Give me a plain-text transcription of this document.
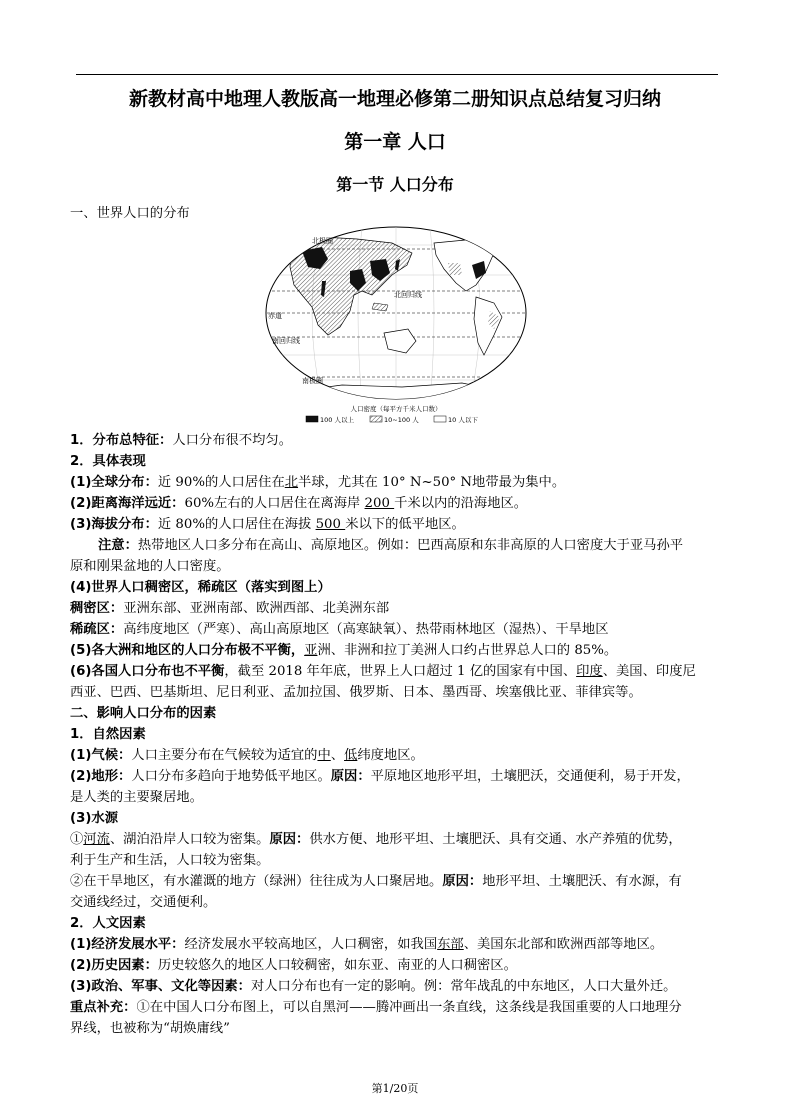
新教材高中地理人教版高一地理必修第二册知识点总结复习归纳
第一章 人口
第一节 人口分布
一、世界人口的分布
北极圈
北回归线
赤道
南回归线
南极圈
人口密度（每平方千米人口数）
100 人以上	10~100 人	10 人以下
1．分布总特征：人口分布很不均匀。
2．具体表现
(1)全球分布：近 90%的人口居住在北半球，尤其在 10° N~50° N地带最为集中。
(2)距离海洋远近：60%左右的人口居住在离海岸 200 千米以内的沿海地区。
(3)海拔分布：近 80%的人口居住在海拔 500 米以下的低平地区。
注意：热带地区人口多分布在高山、高原地区。例如：巴西高原和东非高原的人口密度大于亚马孙平
原和刚果盆地的人口密度。
(4)世界人口稠密区，稀疏区（落实到图上）
稠密区：亚洲东部、亚洲南部、欧洲西部、北美洲东部
稀疏区：高纬度地区（严寒）、高山高原地区（高寒缺氧）、热带雨林地区（湿热）、干旱地区
(5)各大洲和地区的人口分布极不平衡，亚洲、非洲和拉丁美洲人口约占世界总人口的 85%。
(6)各国人口分布也不平衡，截至 2018 年年底，世界上人口超过 1 亿的国家有中国、印度、美国、印度尼
西亚、巴西、巴基斯坦、尼日利亚、孟加拉国、俄罗斯、日本、墨西哥、埃塞俄比亚、菲律宾等。
二、影响人口分布的因素
1．自然因素
(1)气候：人口主要分布在气候较为适宜的中、低纬度地区。
(2)地形：人口分布多趋向于地势低平地区。原因：平原地区地形平坦，土壤肥沃，交通便利，易于开发，
是人类的主要聚居地。
(3)水源
①河流、湖泊沿岸人口较为密集。原因：供水方便、地形平坦、土壤肥沃、具有交通、水产养殖的优势，
利于生产和生活，人口较为密集。
②在干旱地区，有水灌溉的地方（绿洲）往往成为人口聚居地。原因：地形平坦、土壤肥沃、有水源，有
交通线经过，交通便利。
2．人文因素
(1)经济发展水平：经济发展水平较高地区，人口稠密，如我国东部、美国东北部和欧洲西部等地区。
(2)历史因素：历史较悠久的地区人口较稠密，如东亚、南亚的人口稠密区。
(3)政治、军事、文化等因素：对人口分布也有一定的影响。例：常年战乱的中东地区，人口大量外迁。
重点补充：①在中国人口分布图上，可以自黑河——腾冲画出一条直线，这条线是我国重要的人口地理分
界线，也被称为“胡焕庸线”
第1/20页
